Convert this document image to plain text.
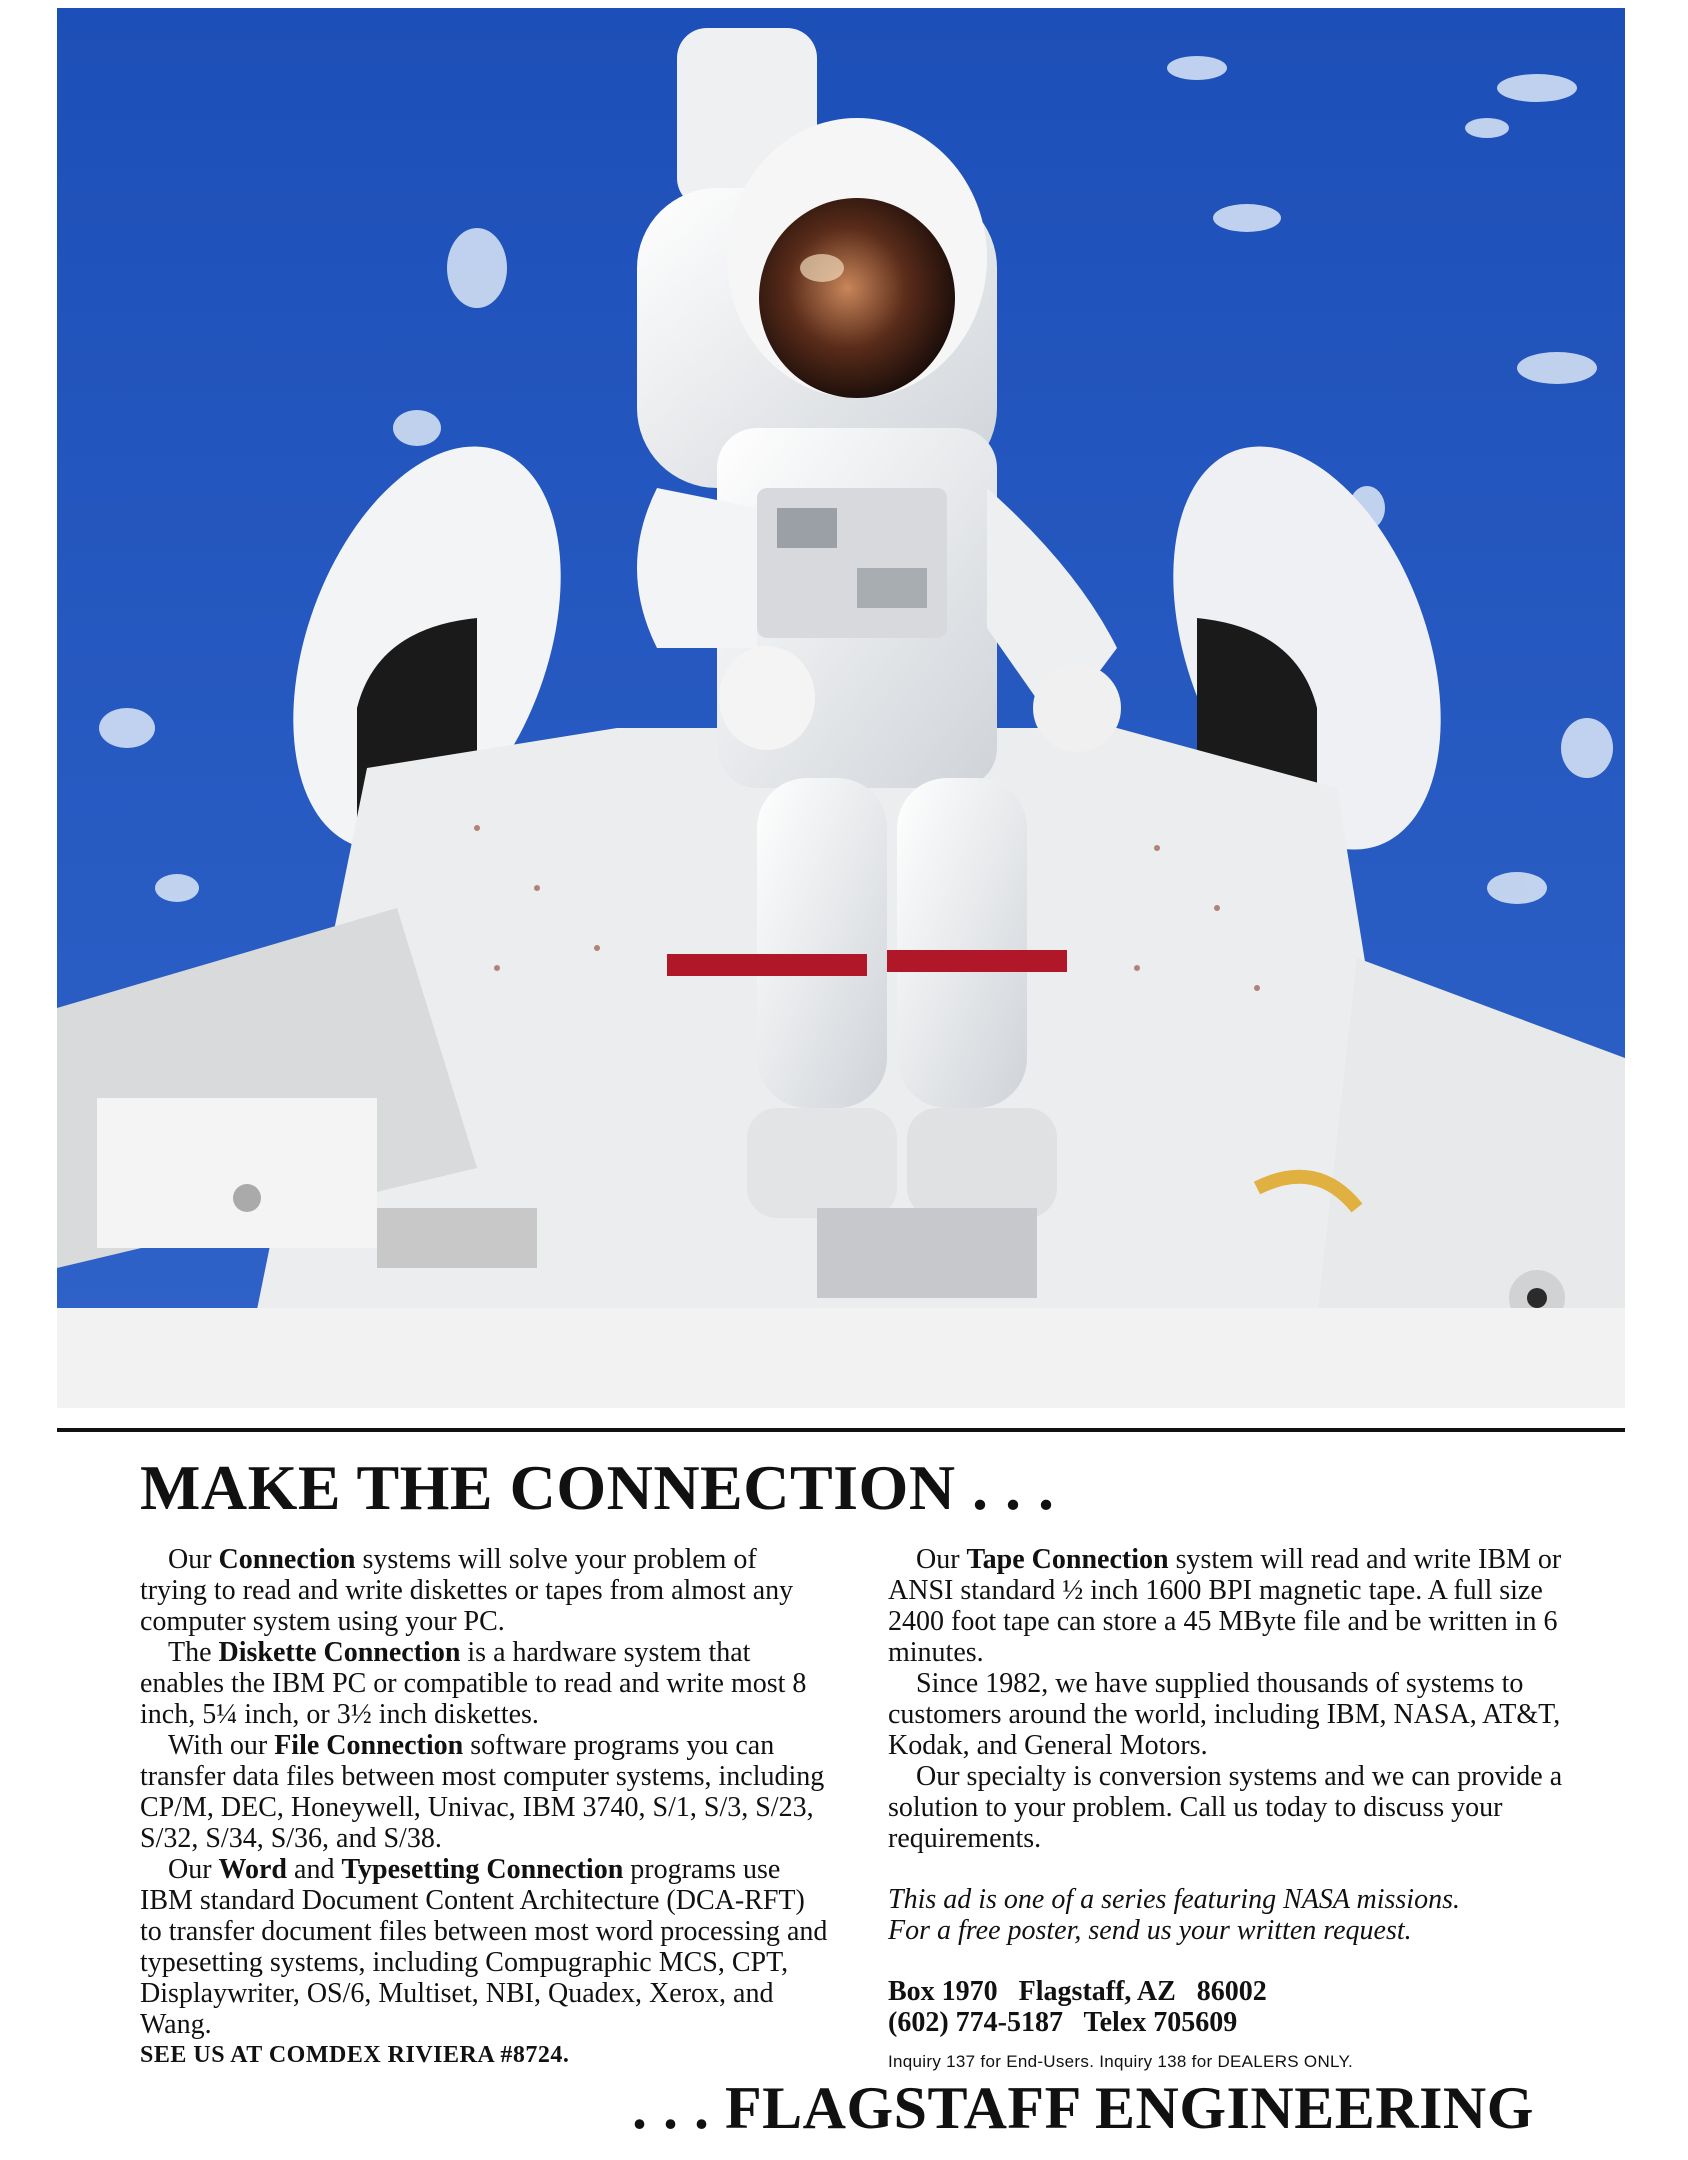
MAKE THE CONNECTION . . .

Our Connection systems will solve your problem of trying to read and write diskettes or tapes from almost any computer system using your PC.

The Diskette Connection is a hardware system that enables the IBM PC or compatible to read and write most 8 inch, 5¼ inch, or 3½ inch diskettes.

With our File Connection software programs you can transfer data files between most computer systems, including CP/M, DEC, Honeywell, Univac, IBM 3740, S/1, S/3, S/23, S/32, S/34, S/36, and S/38.

Our Word and Typesetting Connection programs use IBM standard Document Content Architecture (DCA-RFT) to transfer document files between most word processing and typesetting systems, including Compugraphic MCS, CPT, Displaywriter, OS/6, Multiset, NBI, Quadex, Xerox, and Wang.

SEE US AT COMDEX RIVIERA #8724.

Our Tape Connection system will read and write IBM or ANSI standard ½ inch 1600 BPI magnetic tape. A full size 2400 foot tape can store a 45 MByte file and be written in 6 minutes.

Since 1982, we have supplied thousands of systems to customers around the world, including IBM, NASA, AT&T, Kodak, and General Motors.

Our specialty is conversion systems and we can provide a solution to your problem. Call us today to discuss your requirements.

This ad is one of a series featuring NASA missions.

For a free poster, send us your written request.

Box 1970   Flagstaff, AZ   86002

(602) 774-5187   Telex 705609

Inquiry 137 for End-Users. Inquiry 138 for DEALERS ONLY.
. . . FLAGSTAFF ENGINEERING
